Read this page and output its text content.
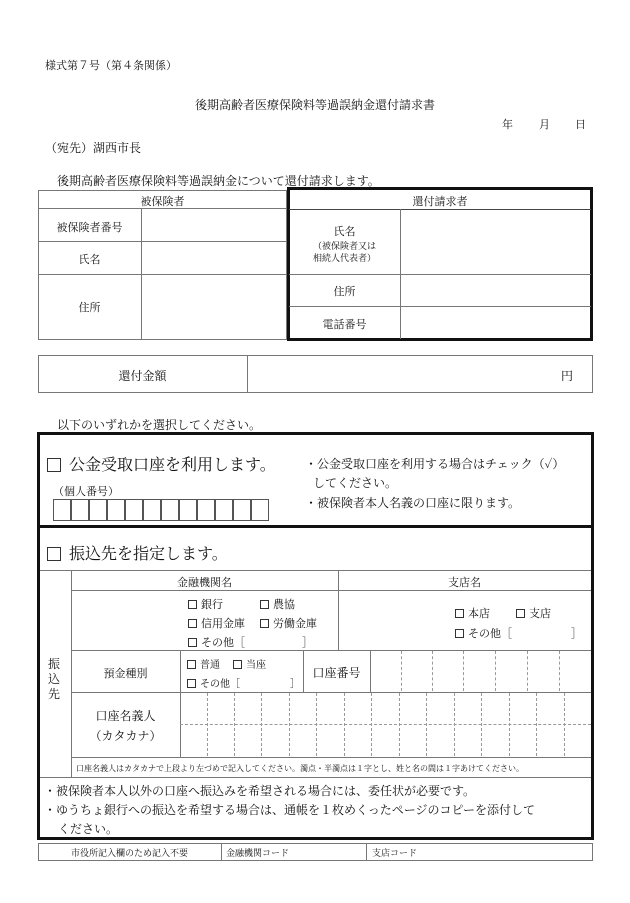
様式第７号（第４条関係）
後期高齢者医療保険料等過誤納金還付請求書
年 月 日
（宛先）湖西市長
後期高齢者医療保険料等過誤納金について還付請求します。
被保険者
被保険者番号
氏名
住所
還付請求者
氏名
（被保険者又は
相続人代表者）
住所
電話番号
還付金額	円
以下のいずれかを選択してください。
公金受取口座を利用します。
（個人番号）
・公金受取口座を利用する場合はチェック（✓）
してください。
・被保険者本人名義の口座に限ります。
振込先を指定します。
振
込
先
金融機関名	支店名
銀行	農協
信用金庫	労働金庫
その他［	］
本店	支店
その他［	］
預金種別
普通	当座
その他［	］
口座番号
口座名義人
（カタカナ）
口座名義人はカタカナで上段より左づめで記入してください。濁点・半濁点は１字とし、姓と名の間は１字あけてください。
・被保険者本人以外の口座へ振込みを希望される場合には、委任状が必要です。
・ゆうちょ銀行への振込を希望する場合は、通帳を１枚めくったページのコピーを添付して
ください。
市役所記入欄のため記入不要	金融機関コード	支店コード
